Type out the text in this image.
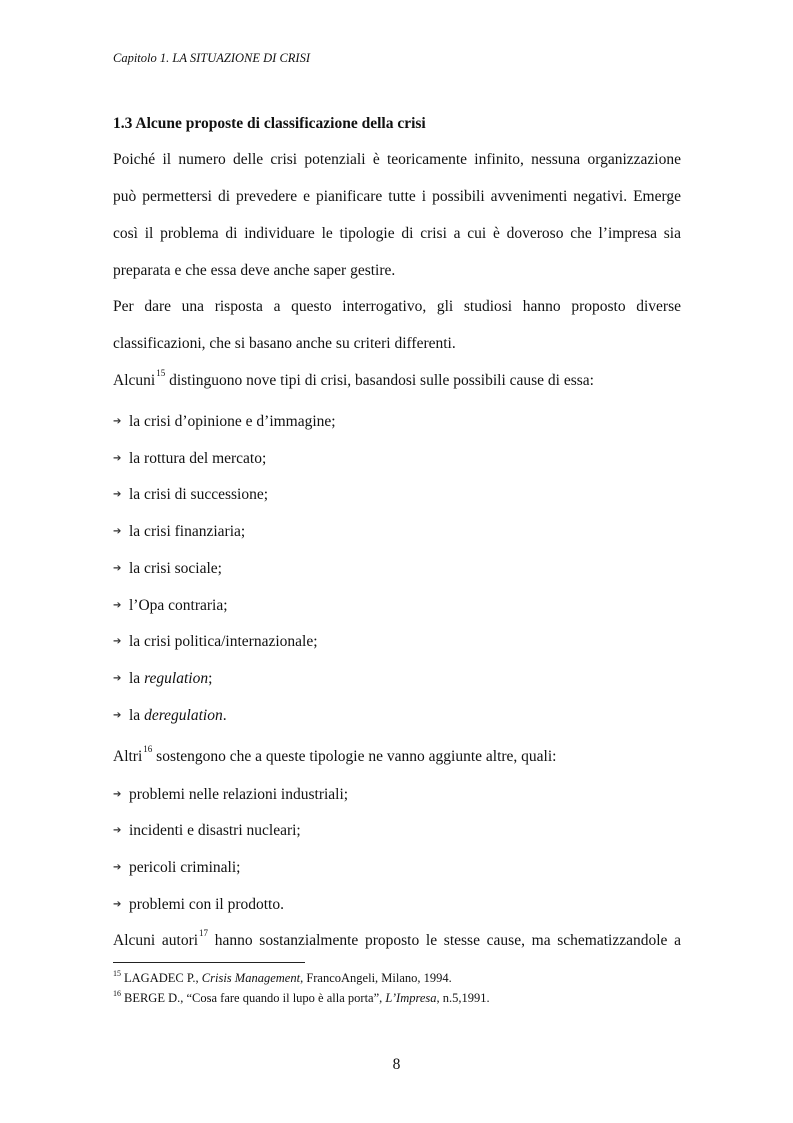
Capitolo 1. LA SITUAZIONE DI CRISI
1.3 Alcune proposte di classificazione della crisi
Poiché il numero delle crisi potenziali è teoricamente infinito, nessuna organizzazione
può permettersi di prevedere e pianificare tutte i possibili avvenimenti negativi. Emerge
così il problema di individuare le tipologie di crisi a cui è doveroso che l’impresa sia
preparata e che essa deve anche saper gestire.
Per dare una risposta a questo interrogativo, gli studiosi hanno proposto diverse
classificazioni, che si basano anche su criteri differenti.
Alcuni$^{15}$ distinguono nove tipi di crisi, basandosi sulle possibili cause di essa:
➔ la crisi d’opinione e d’immagine;
➔ la rottura del mercato;
➔ la crisi di successione;
➔ la crisi finanziaria;
➔ la crisi sociale;
➔ l’Opa contraria;
➔ la crisi politica/internazionale;
➔ la regulation;
➔ la deregulation.
Altri$^{16}$ sostengono che a queste tipologie ne vanno aggiunte altre, quali:
➔ problemi nelle relazioni industriali;
➔ incidenti e disastri nucleari;
➔ pericoli criminali;
➔ problemi con il prodotto.
Alcuni autori$^{17}$ hanno sostanzialmente proposto le stesse cause, ma schematizzandole a
$^{15}$ LAGADEC P., Crisis Management, FrancoAngeli, Milano, 1994.
$^{16}$ BERGE D., “Cosa fare quando il lupo è alla porta”, L’Impresa, n.5,1991.
8
